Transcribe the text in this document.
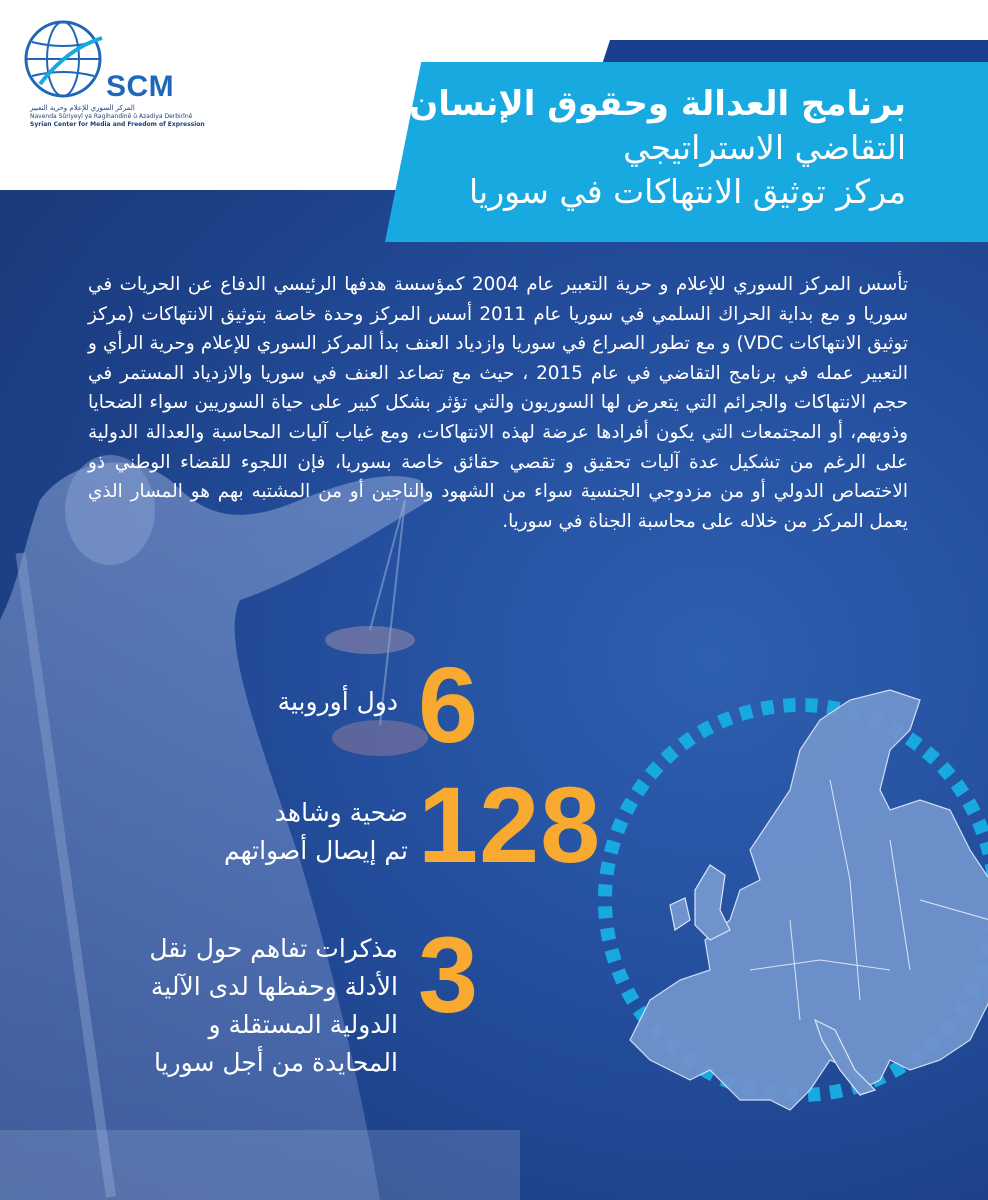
SCM
المركز السوري للإعلام وحرية التعبير
Navenda Sûriyeyî ya Ragihandinê û Azadiya Derbirînê
Syrian Center for Media and Freedom of Expression
برنامج العدالة وحقوق الإنسان
التقاضي الاستراتيجي
مركز توثيق الانتهاكات في سوريا
تأسس المركز السوري للإعلام و حرية التعبير عام 2004 كمؤسسة هدفها الرئيسي الدفاع عن الحريات في سوريا و مع بداية الحراك السلمي في سوريا عام 2011 أسس المركز وحدة خاصة بتوثيق الانتهاكات (مركز توثيق الانتهاكات VDC) و مع تطور الصراع في سوريا وازدياد العنف بدأ المركز السوري للإعلام وحرية الرأي و التعبير عمله في برنامج التقاضي في عام 2015 ، حيث مع تصاعد العنف في سوريا والازدياد المستمر في حجم الانتهاكات والجرائم التي يتعرض لها السوريون والتي تؤثر بشكل كبير على حياة السوريين سواء الضحايا وذويهم، أو المجتمعات التي يكون أفرادها عرضة لهذه الانتهاكات، ومع غياب آليات المحاسبة والعدالة الدولية على الرغم من تشكيل عدة آليات تحقيق و تقصي حقائق خاصة بسوريا، فإن اللجوء للقضاء الوطني ذو الاختصاص الدولي أو من مزدوجي الجنسية سواء من الشهود والناجين أو من المشتبه بهم هو المسار الذي يعمل المركز من خلاله على محاسبة الجناة في سوريا.
6
دول أوروبية
128
ضحية وشاهد
تم إيصال أصواتهم
3
مذكرات تفاهم حول نقل
الأدلة وحفظها لدى الآلية
الدولية المستقلة و
المحايدة من أجل سوريا
